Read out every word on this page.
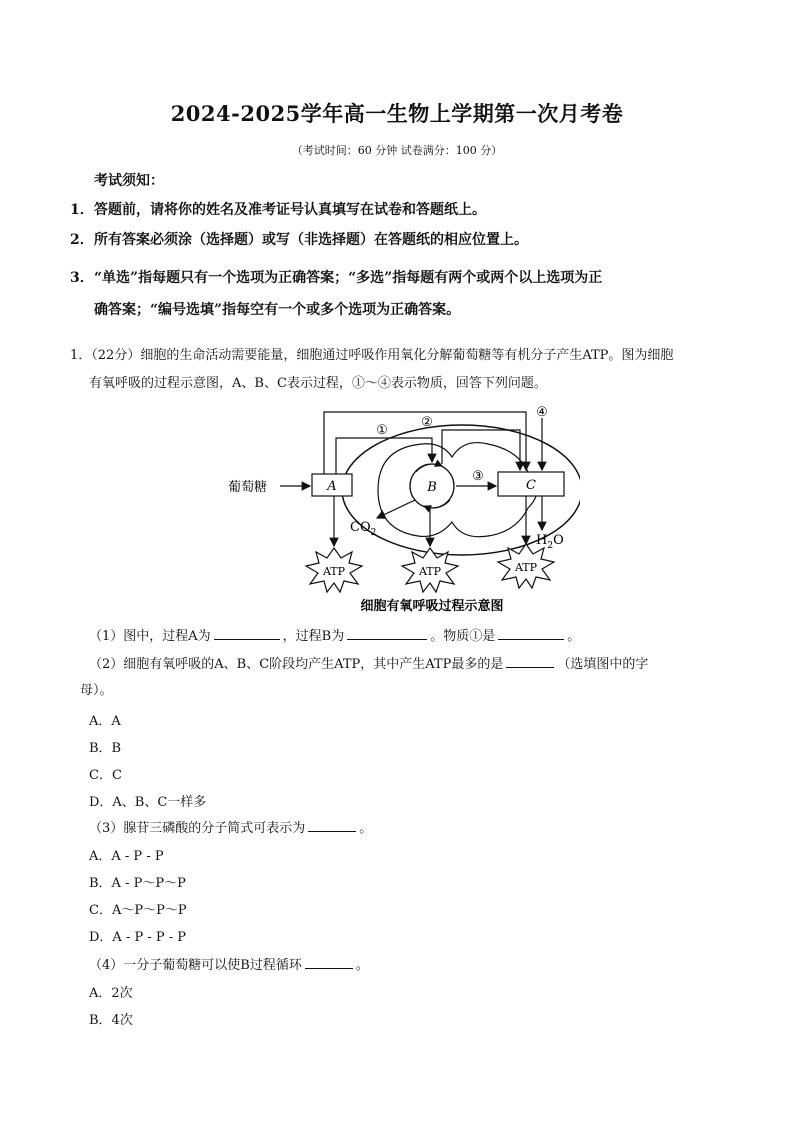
2024-2025学年高一生物上学期第一次月考卷
（考试时间：60 分钟 试卷满分：100 分）
考试须知：
1．答题前，请将你的姓名及准考证号认真填写在试卷和答题纸上。
2．所有答案必须涂（选择题）或写（非选择题）在答题纸的相应位置上。
3．“单选”指每题只有一个选项为正确答案；“多选”指每题有两个或两个以上选项为正
确答案；“编号选填”指每空有一个或多个选项为正确答案。
1．（22分）细胞的生命活动需要能量，细胞通过呼吸作用氧化分解葡萄糖等有机分子产生ATP。图为细胞
有氧呼吸的过程示意图，A、B、C表示过程，①～④表示物质，回答下列问题。
B
A	C
葡萄糖
①
②
④
③
$CO_2$	$H_2O$
ATP	ATP	ATP
细胞有氧呼吸过程示意图
（1）图中，过程A为	，过程B为	。物质①是	。
（2）细胞有氧呼吸的A、B、C阶段均产生ATP，其中产生ATP最多的是	（选填图中的字
母）。
A．A
B．B
C．C
D．A、B、C一样多
（3）腺苷三磷酸的分子简式可表示为	。
A．A - P - P
B．A - P～P～P
C．A～P～P～P
D．A - P - P - P
（4）一分子葡萄糖可以使B过程循环	。
A．2次
B．4次
